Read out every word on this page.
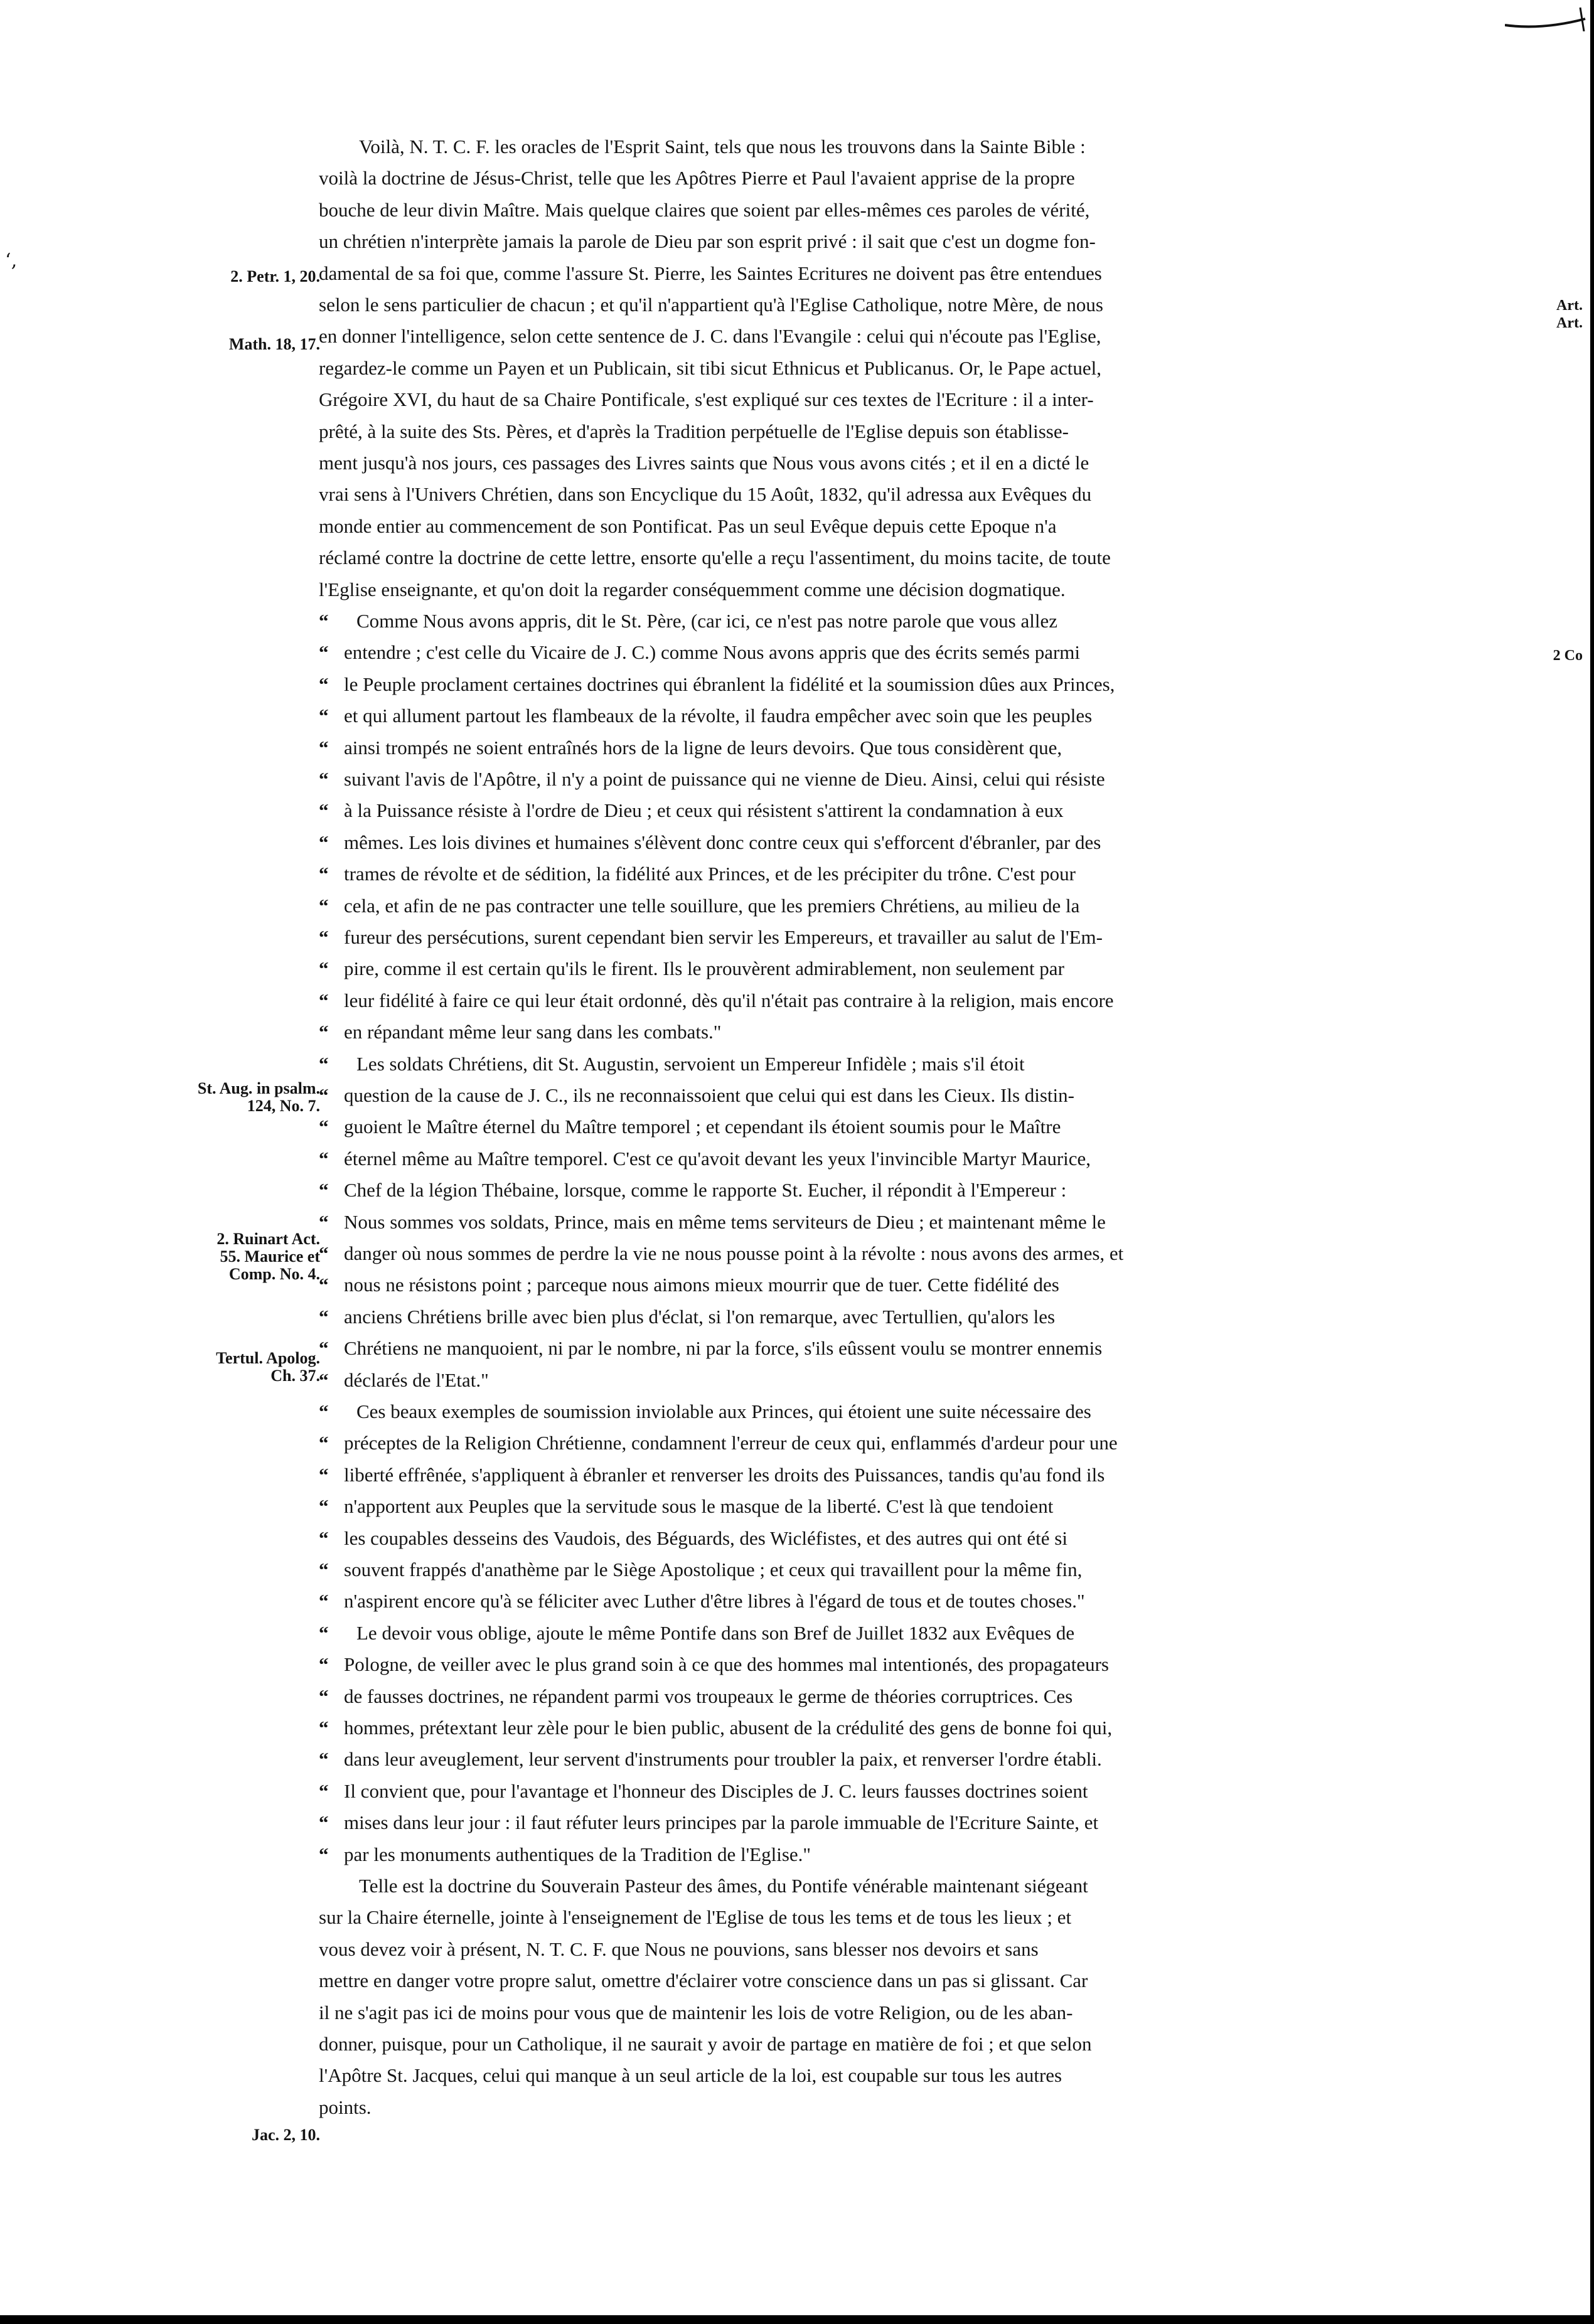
‘‚
2. Petr. 1, 20.
Math. 18, 17.
St. Aug. in psalm.
124, No. 7.
2. Ruinart Act.
55. Maurice et
Comp. No. 4.
Tertul. Apolog.
Ch. 37.
Jac. 2, 10.
Art.
Art.
2 Co
Voilà, N. T. C. F. les oracles de l'Esprit Saint, tels que nous les trouvons dans la Sainte Bible :
voilà la doctrine de Jésus-Christ, telle que les Apôtres Pierre et Paul l'avaient apprise de la propre
bouche de leur divin Maître. Mais quelque claires que soient par elles-mêmes ces paroles de vérité,
un chrétien n'interprète jamais la parole de Dieu par son esprit privé : il sait que c'est un dogme fon-
damental de sa foi que, comme l'assure St. Pierre, les Saintes Ecritures ne doivent pas être entendues
selon le sens particulier de chacun ; et qu'il n'appartient qu'à l'Eglise Catholique, notre Mère, de nous
en donner l'intelligence, selon cette sentence de J. C. dans l'Evangile : celui qui n'écoute pas l'Eglise,
regardez-le comme un Payen et un Publicain, sit tibi sicut Ethnicus et Publicanus. Or, le Pape actuel,
Grégoire XVI, du haut de sa Chaire Pontificale, s'est expliqué sur ces textes de l'Ecriture : il a inter-
prêté, à la suite des Sts. Pères, et d'après la Tradition perpétuelle de l'Eglise depuis son établisse-
ment jusqu'à nos jours, ces passages des Livres saints que Nous vous avons cités ; et il en a dicté le
vrai sens à l'Univers Chrétien, dans son Encyclique du 15 Août, 1832, qu'il adressa aux Evêques du
monde entier au commencement de son Pontificat. Pas un seul Evêque depuis cette Epoque n'a
réclamé contre la doctrine de cette lettre, ensorte qu'elle a reçu l'assentiment, du moins tacite, de toute
l'Eglise enseignante, et qu'on doit la regarder conséquemment comme une décision dogmatique.
“ Comme Nous avons appris, dit le St. Père, (car ici, ce n'est pas notre parole que vous allez
“ entendre ; c'est celle du Vicaire de J. C.) comme Nous avons appris que des écrits semés parmi
“ le Peuple proclament certaines doctrines qui ébranlent la fidélité et la soumission dûes aux Princes,
“ et qui allument partout les flambeaux de la révolte, il faudra empêcher avec soin que les peuples
“ ainsi trompés ne soient entraînés hors de la ligne de leurs devoirs. Que tous considèrent que,
“ suivant l'avis de l'Apôtre, il n'y a point de puissance qui ne vienne de Dieu. Ainsi, celui qui résiste
“ à la Puissance résiste à l'ordre de Dieu ; et ceux qui résistent s'attirent la condamnation à eux
“ mêmes. Les lois divines et humaines s'élèvent donc contre ceux qui s'efforcent d'ébranler, par des
“ trames de révolte et de sédition, la fidélité aux Princes, et de les précipiter du trône. C'est pour
“ cela, et afin de ne pas contracter une telle souillure, que les premiers Chrétiens, au milieu de la
“ fureur des persécutions, surent cependant bien servir les Empereurs, et travailler au salut de l'Em-
“ pire, comme il est certain qu'ils le firent. Ils le prouvèrent admirablement, non seulement par
“ leur fidélité à faire ce qui leur était ordonné, dès qu'il n'était pas contraire à la religion, mais encore
“ en répandant même leur sang dans les combats."
“ Les soldats Chrétiens, dit St. Augustin, servoient un Empereur Infidèle ; mais s'il étoit
“ question de la cause de J. C., ils ne reconnaissoient que celui qui est dans les Cieux. Ils distin-
“ guoient le Maître éternel du Maître temporel ; et cependant ils étoient soumis pour le Maître
“ éternel même au Maître temporel. C'est ce qu'avoit devant les yeux l'invincible Martyr Maurice,
“ Chef de la légion Thébaine, lorsque, comme le rapporte St. Eucher, il répondit à l'Empereur :
“ Nous sommes vos soldats, Prince, mais en même tems serviteurs de Dieu ; et maintenant même le
“ danger où nous sommes de perdre la vie ne nous pousse point à la révolte : nous avons des armes, et
“ nous ne résistons point ; parceque nous aimons mieux mourrir que de tuer. Cette fidélité des
“ anciens Chrétiens brille avec bien plus d'éclat, si l'on remarque, avec Tertullien, qu'alors les
“ Chrétiens ne manquoient, ni par le nombre, ni par la force, s'ils eûssent voulu se montrer ennemis
“ déclarés de l'Etat."
“ Ces beaux exemples de soumission inviolable aux Princes, qui étoient une suite nécessaire des
“ préceptes de la Religion Chrétienne, condamnent l'erreur de ceux qui, enflammés d'ardeur pour une
“ liberté effrênée, s'appliquent à ébranler et renverser les droits des Puissances, tandis qu'au fond ils
“ n'apportent aux Peuples que la servitude sous le masque de la liberté. C'est là que tendoient
“ les coupables desseins des Vaudois, des Béguards, des Wicléfistes, et des autres qui ont été si
“ souvent frappés d'anathème par le Siège Apostolique ; et ceux qui travaillent pour la même fin,
“ n'aspirent encore qu'à se féliciter avec Luther d'être libres à l'égard de tous et de toutes choses."
“ Le devoir vous oblige, ajoute le même Pontife dans son Bref de Juillet 1832 aux Evêques de
“ Pologne, de veiller avec le plus grand soin à ce que des hommes mal intentionés, des propagateurs
“ de fausses doctrines, ne répandent parmi vos troupeaux le germe de théories corruptrices. Ces
“ hommes, prétextant leur zèle pour le bien public, abusent de la crédulité des gens de bonne foi qui,
“ dans leur aveuglement, leur servent d'instruments pour troubler la paix, et renverser l'ordre établi.
“ Il convient que, pour l'avantage et l'honneur des Disciples de J. C. leurs fausses doctrines soient
“ mises dans leur jour : il faut réfuter leurs principes par la parole immuable de l'Ecriture Sainte, et
“ par les monuments authentiques de la Tradition de l'Eglise."
Telle est la doctrine du Souverain Pasteur des âmes, du Pontife vénérable maintenant siégeant
sur la Chaire éternelle, jointe à l'enseignement de l'Eglise de tous les tems et de tous les lieux ; et
vous devez voir à présent, N. T. C. F. que Nous ne pouvions, sans blesser nos devoirs et sans
mettre en danger votre propre salut, omettre d'éclairer votre conscience dans un pas si glissant. Car
il ne s'agit pas ici de moins pour vous que de maintenir les lois de votre Religion, ou de les aban-
donner, puisque, pour un Catholique, il ne saurait y avoir de partage en matière de foi ; et que selon
l'Apôtre St. Jacques, celui qui manque à un seul article de la loi, est coupable sur tous les autres
points.
